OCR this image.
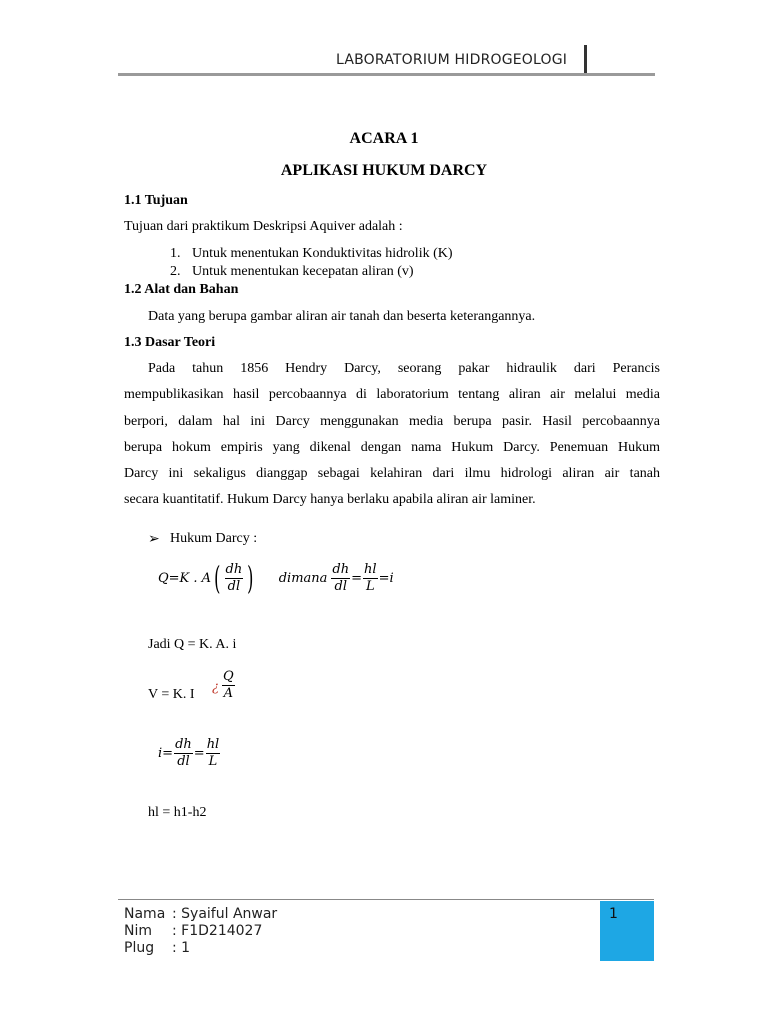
LABORATORIUM HIDROGEOLOGI
ACARA 1
APLIKASI HUKUM DARCY
1.1 Tujuan
Tujuan dari praktikum Deskripsi Aquiver adalah :
1. Untuk menentukan Konduktivitas hidrolik (K)
2. Untuk menentukan kecepatan aliran (v)
1.2 Alat dan Bahan
Data yang berupa gambar aliran air tanah dan beserta keterangannya.
1.3 Dasar Teori
Pada tahun 1856 Hendry Darcy, seorang pakar hidraulik dari Perancis
mempublikasikan hasil percobaannya di laboratorium tentang aliran air melalui media
berpori, dalam hal ini Darcy menggunakan media berupa pasir. Hasil percobaannya
berupa hokum empiris yang dikenal dengan nama Hukum Darcy. Penemuan Hukum
Darcy ini sekaligus dianggap sebagai kelahiran dari ilmu hidrologi aliran air tanah
secara kuantitatif. Hukum Darcy hanya berlaku apabila aliran air laminer.
➢ Hukum Darcy :
Q=K . A ( $\frac{dh}{dl}$ ) dimana $\frac{dh}{dl} = \frac{hl}{L} = i$
Jadi Q = K. A. i
V = K. I ¿ $\frac{Q}{A}$
$i = \frac{dh}{dl} = \frac{hl}{L}$
hl = h1-h2
Nama : Syaiful Anwar
Nim : F1D214027
Plug : 1
1
